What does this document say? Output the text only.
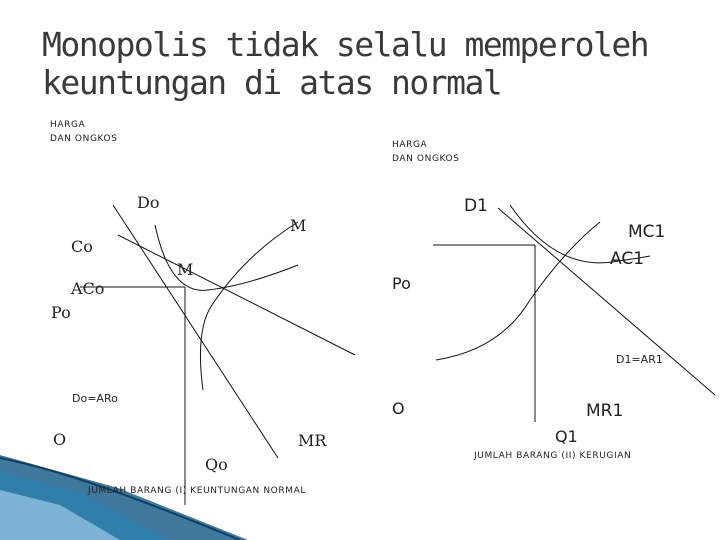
Monopolis tidak selalu memperoleh
keuntungan di atas normal
HARGA
DAN ONGKOS
Do
M
Co
M
ACo
Po
Do=ARo
O	MR
Qo
JUMLAH BARANG (I) KEUNTUNGAN NORMAL
HARGA
DAN ONGKOS
D1
MC1
AC1
Po
D1=AR1
O	MR1
Q1
JUMLAH BARANG (II) KERUGIAN
